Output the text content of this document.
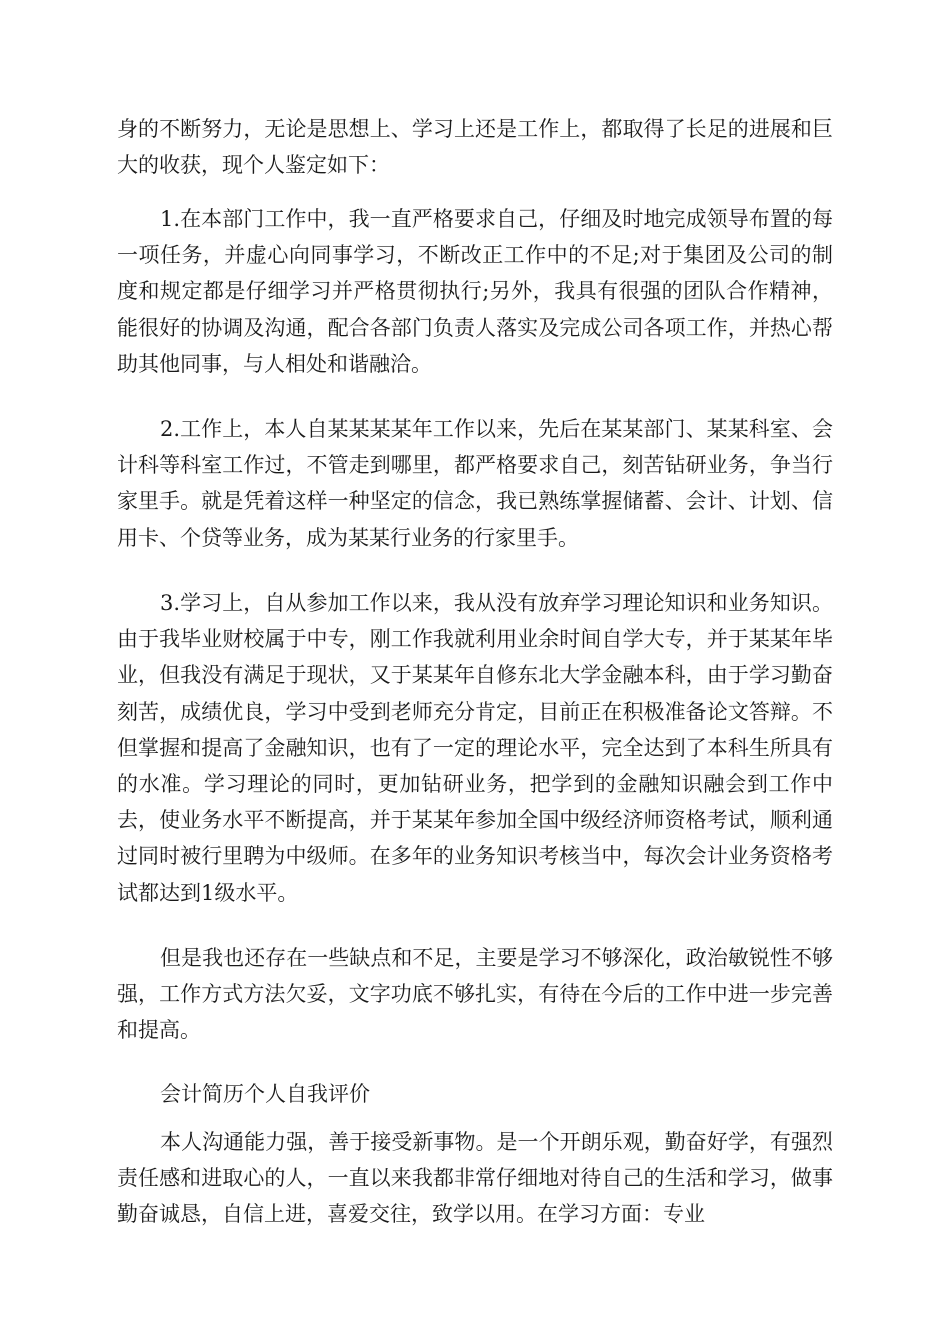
身的不断努力，无论是思想上、学习上还是工作上，都取得了长足的进展和巨大的收获，现个人鉴定如下：

1.在本部门工作中，我一直严格要求自己，仔细及时地完成领导布置的每一项任务，并虚心向同事学习，不断改正工作中的不足;对于集团及公司的制度和规定都是仔细学习并严格贯彻执行;另外，我具有很强的团队合作精神，能很好的协调及沟通，配合各部门负责人落实及完成公司各项工作，并热心帮助其他同事，与人相处和谐融洽。

2.工作上，本人自某某某某年工作以来，先后在某某部门、某某科室、会计科等科室工作过，不管走到哪里，都严格要求自己，刻苦钻研业务，争当行家里手。就是凭着这样一种坚定的信念，我已熟练掌握储蓄、会计、计划、信用卡、个贷等业务，成为某某行业务的行家里手。

3.学习上，自从参加工作以来，我从没有放弃学习理论知识和业务知识。由于我毕业财校属于中专，刚工作我就利用业余时间自学大专，并于某某年毕业，但我没有满足于现状，又于某某年自修东北大学金融本科，由于学习勤奋刻苦，成绩优良，学习中受到老师充分肯定，目前正在积极准备论文答辩。不但掌握和提高了金融知识，也有了一定的理论水平，完全达到了本科生所具有的水准。学习理论的同时，更加钻研业务，把学到的金融知识融会到工作中去，使业务水平不断提高，并于某某年参加全国中级经济师资格考试，顺利通过同时被行里聘为中级师。在多年的业务知识考核当中，每次会计业务资格考试都达到1级水平。

但是我也还存在一些缺点和不足，主要是学习不够深化，政治敏锐性不够强，工作方式方法欠妥，文字功底不够扎实，有待在今后的工作中进一步完善和提高。

会计简历个人自我评价

本人沟通能力强，善于接受新事物。是一个开朗乐观，勤奋好学，有强烈责任感和进取心的人，一直以来我都非常仔细地对待自己的生活和学习，做事勤奋诚恳，自信上进，喜爱交往，致学以用。在学习方面：专业
